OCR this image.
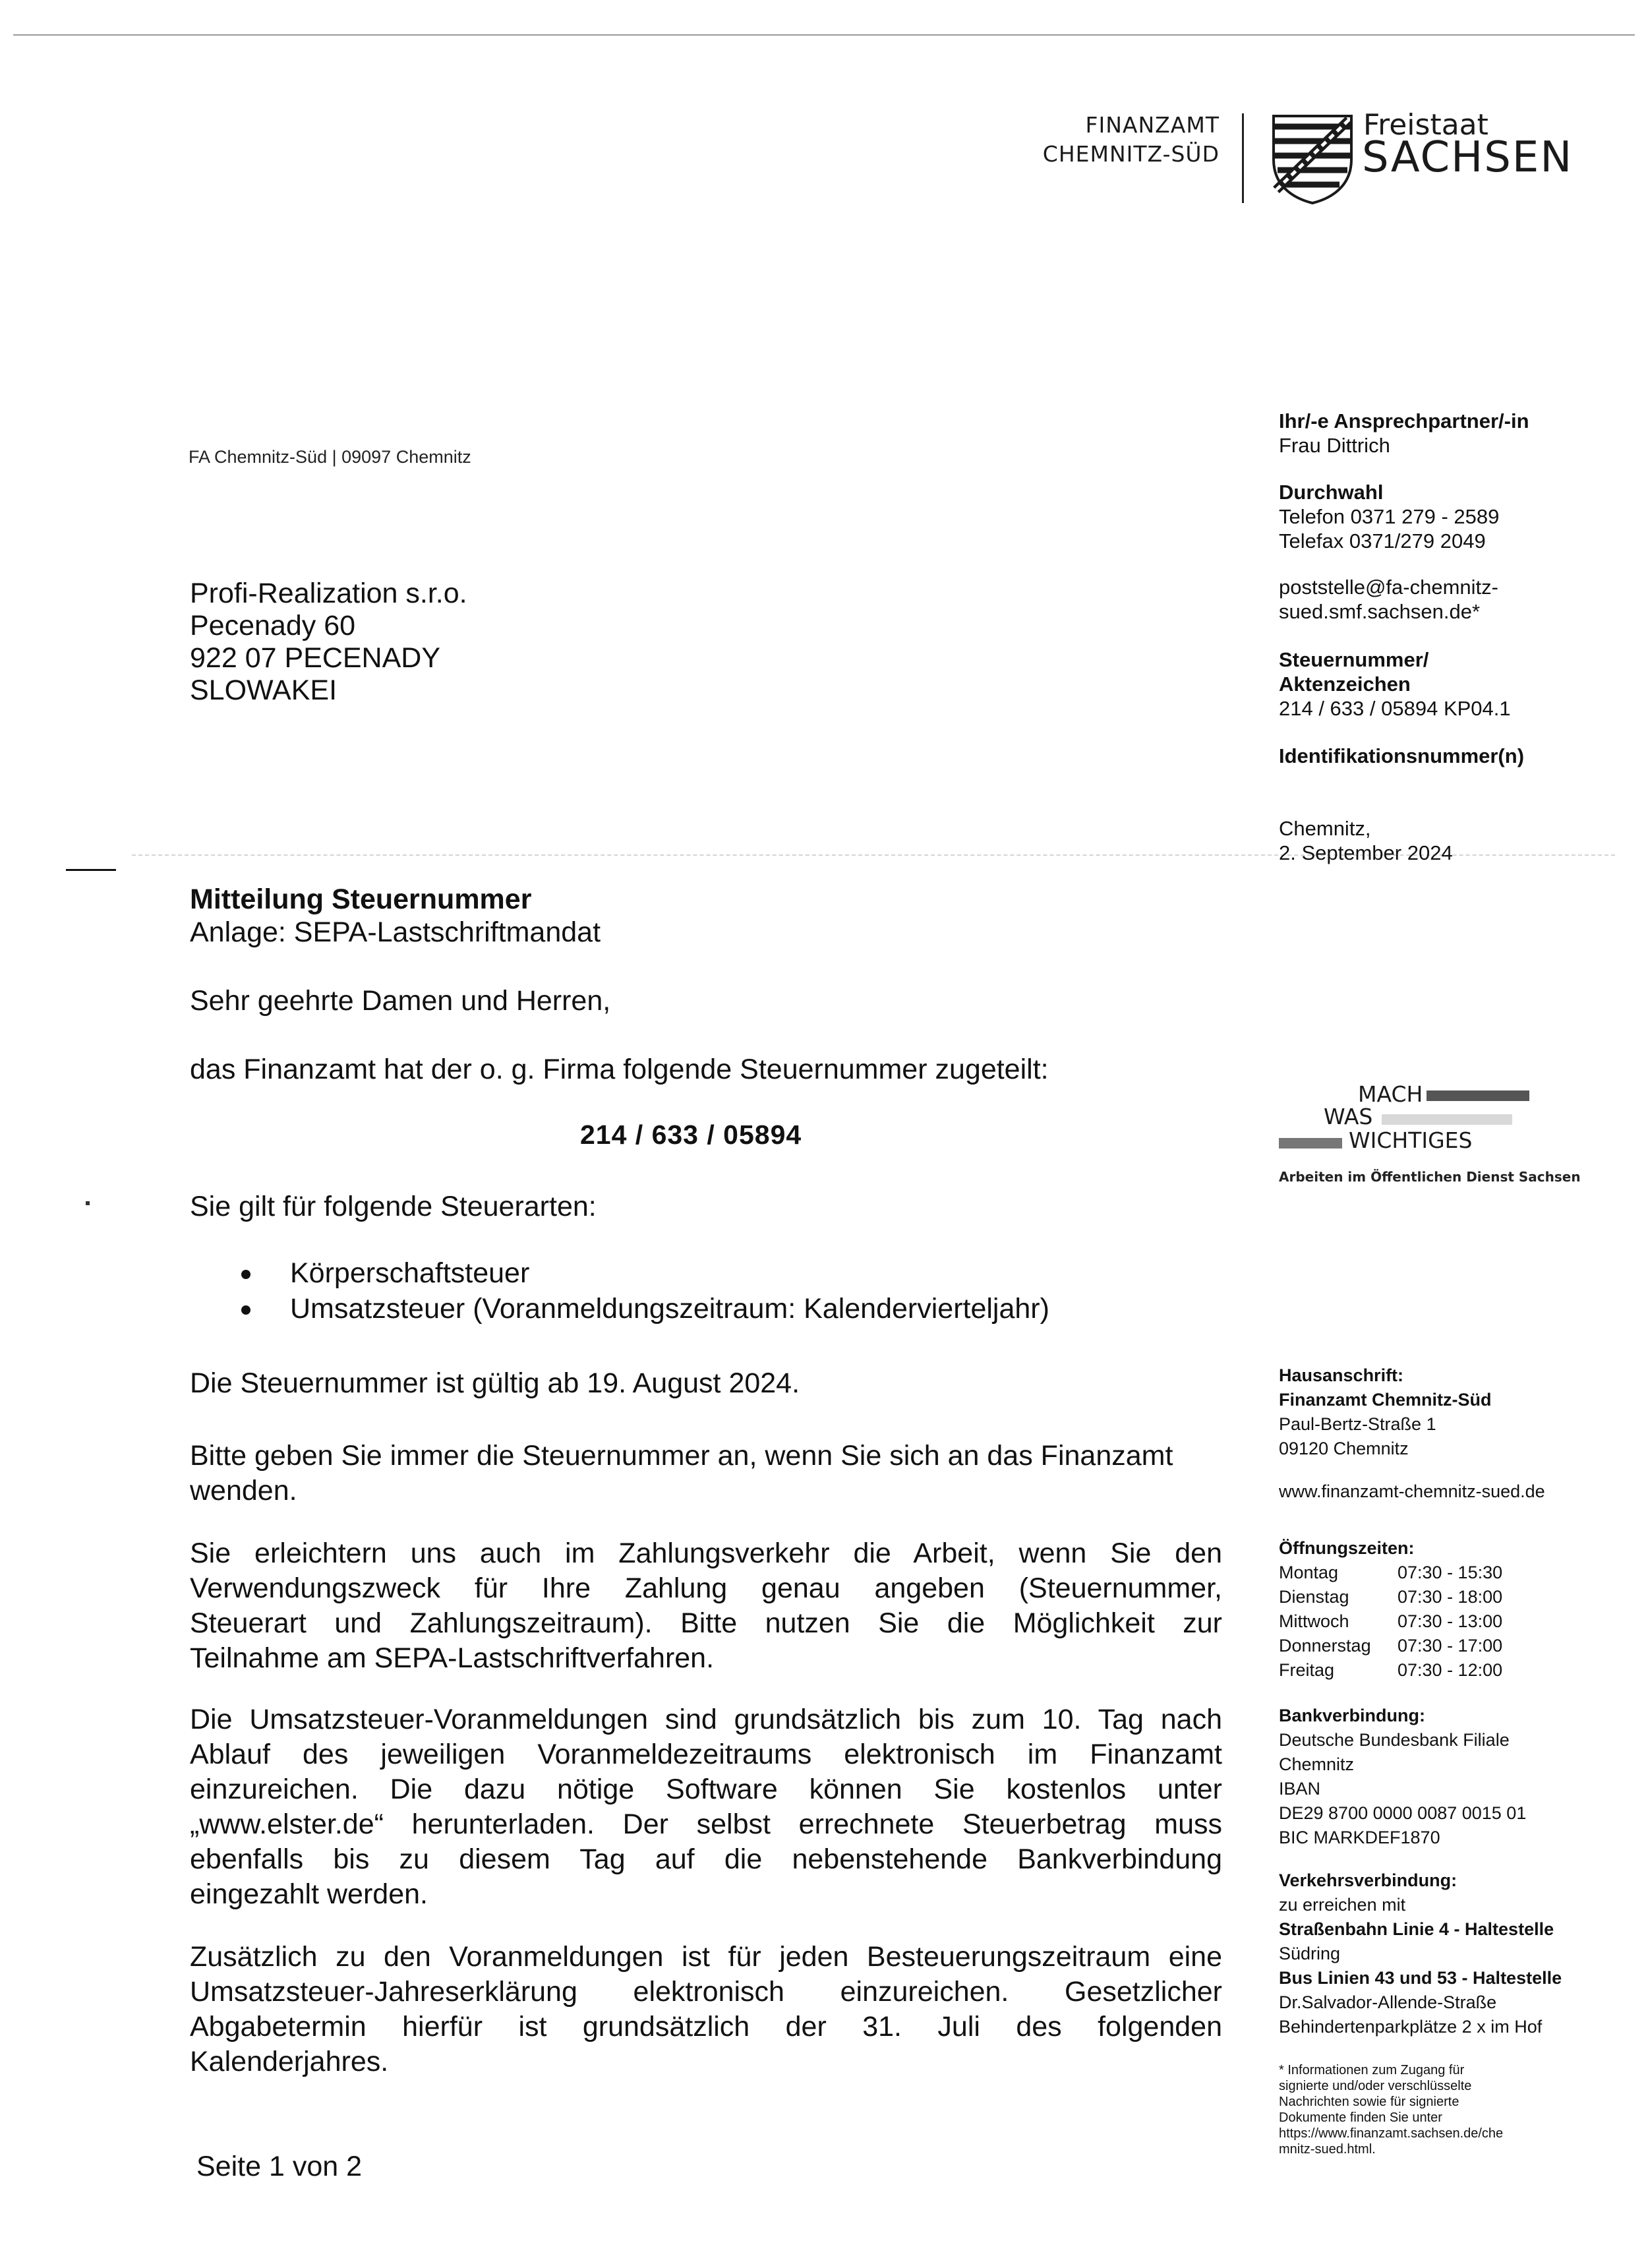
FINANZAMT
CHEMNITZ-SÜD
Freistaat
SACHSEN
FA Chemnitz-Süd | 09097 Chemnitz
Profi-Realization s.r.o.
Pecenady 60
922 07 PECENADY
SLOWAKEI
Ihr/-e Ansprechpartner/-in
Frau Dittrich
Durchwahl
Telefon 0371 279 - 2589
Telefax 0371/279 2049
poststelle@fa-chemnitz-
sued.smf.sachsen.de*
Steuernummer/
Aktenzeichen
214 / 633 / 05894 KP04.1
Identifikationsnummer(n)
Chemnitz,
2. September 2024
Hausanschrift:
Finanzamt Chemnitz-Süd
Paul-Bertz-Straße 1
09120 Chemnitz
www.finanzamt-chemnitz-sued.de
Öffnungszeiten:
Montag	07:30 - 15:30
Dienstag	07:30 - 18:00
Mittwoch	07:30 - 13:00
Donnerstag	07:30 - 17:00
Freitag	07:30 - 12:00
Bankverbindung:
Deutsche Bundesbank Filiale
Chemnitz
IBAN
DE29 8700 0000 0087 0015 01
BIC MARKDEF1870
Verkehrsverbindung:
zu erreichen mit
Straßenbahn Linie 4 - Haltestelle
Südring
Bus Linien 43 und 53 - Haltestelle
Dr.Salvador-Allende-Straße
Behindertenparkplätze 2 x im Hof
* Informationen zum Zugang für
signierte und/oder verschlüsselte
Nachrichten sowie für signierte
Dokumente finden Sie unter
https://www.finanzamt.sachsen.de/che
mnitz-sued.html.
MACH
WAS
WICHTIGES
Arbeiten im Öffentlichen Dienst Sachsen
Mitteilung Steuernummer
Anlage: SEPA-Lastschriftmandat
Sehr geehrte Damen und Herren,
das Finanzamt hat der o. g. Firma folgende Steuernummer zugeteilt:
214 / 633 / 05894
Sie gilt für folgende Steuerarten:
Körperschaftsteuer
Umsatzsteuer (Voranmeldungszeitraum: Kalendervierteljahr)
Die Steuernummer ist gültig ab 19. August 2024.
Bitte geben Sie immer die Steuernummer an, wenn Sie sich an das Finanzamt
wenden.
Sie erleichtern uns auch im Zahlungsverkehr die Arbeit, wenn Sie den
Verwendungszweck für Ihre Zahlung genau angeben (Steuernummer,
Steuerart und Zahlungszeitraum). Bitte nutzen Sie die Möglichkeit zur
Teilnahme am SEPA-Lastschriftverfahren.
Die Umsatzsteuer-Voranmeldungen sind grundsätzlich bis zum 10. Tag nach
Ablauf des jeweiligen Voranmeldezeitraums elektronisch im Finanzamt
einzureichen. Die dazu nötige Software können Sie kostenlos unter
„www.elster.de“ herunterladen. Der selbst errechnete Steuerbetrag muss
ebenfalls bis zu diesem Tag auf die nebenstehende Bankverbindung
eingezahlt werden.
Zusätzlich zu den Voranmeldungen ist für jeden Besteuerungszeitraum eine
Umsatzsteuer-Jahreserklärung elektronisch einzureichen. Gesetzlicher
Abgabetermin hierfür ist grundsätzlich der 31. Juli des folgenden
Kalenderjahres.
Seite 1 von 2
